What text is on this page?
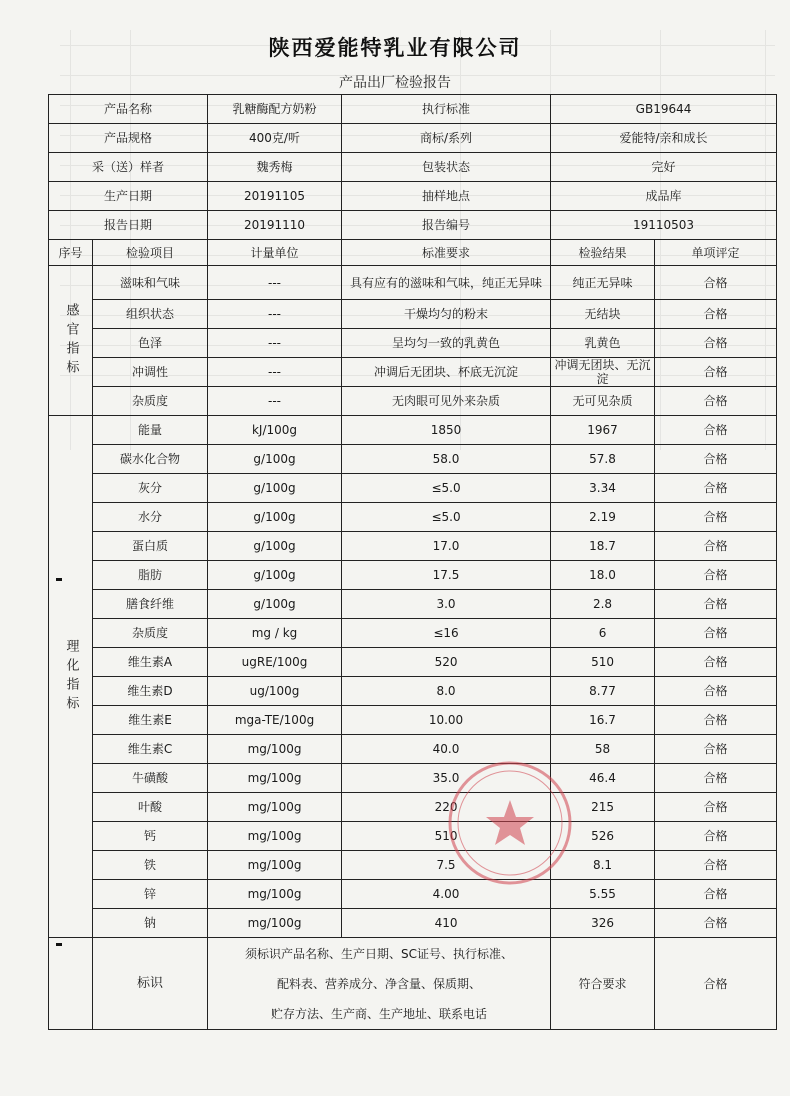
陕西爱能特乳业有限公司
产品出厂检验报告
产品名称		乳糖酶配方奶粉	执行标准	GB19644	
产品规格		400克/听	商标/系列	爱能特/亲和成长	
采（送）样者		魏秀梅	包装状态	完好	
生产日期		20191105	抽样地点	成品库	
报告日期		20191110	报告编号	19110503	
序号	检验项目	计量单位	标准要求	检验结果	单项评定
感官指标	滋味和气味	---	具有应有的滋味和气味，纯正无异味	纯正无异味	合格
	组织状态	---	干燥均匀的粉末	无结块	合格
	色泽	---	呈均匀一致的乳黄色	乳黄色	合格
	冲调性	---	冲调后无团块、杯底无沉淀	冲调无团块、无沉淀	合格
	杂质度	---	无肉眼可见外来杂质	无可见杂质	合格
理化指标	能量	kJ/100g	1850	1967	合格
	碳水化合物	g/100g	58.0	57.8	合格
	灰分	g/100g	≤5.0	3.34	合格
	水分	g/100g	≤5.0	2.19	合格
	蛋白质	g/100g	17.0	18.7	合格
	脂肪	g/100g	17.5	18.0	合格
	膳食纤维	g/100g	3.0	2.8	合格
	杂质度	mg / kg	≤16	6	合格
	维生素A	ugRE/100g	520	510	合格
	维生素D	ug/100g	8.0	8.77	合格
	维生素E	mga-TE/100g	10.00	16.7	合格
	维生素C	mg/100g	40.0	58	合格
	牛磺酸	mg/100g	35.0	46.4	合格
	叶酸	mg/100g	220	215	合格
	钙	mg/100g	510	526	合格
	铁	mg/100g	7.5	8.1	合格
	锌	mg/100g	4.00	5.55	合格
	钠	mg/100g	410	326	合格
	标识	须标识产品名称、生产日期、SC证号、执行标准、
配料表、营养成分、净含量、保质期、
贮存方法、生产商、生产地址、联系电话		符合要求	合格
